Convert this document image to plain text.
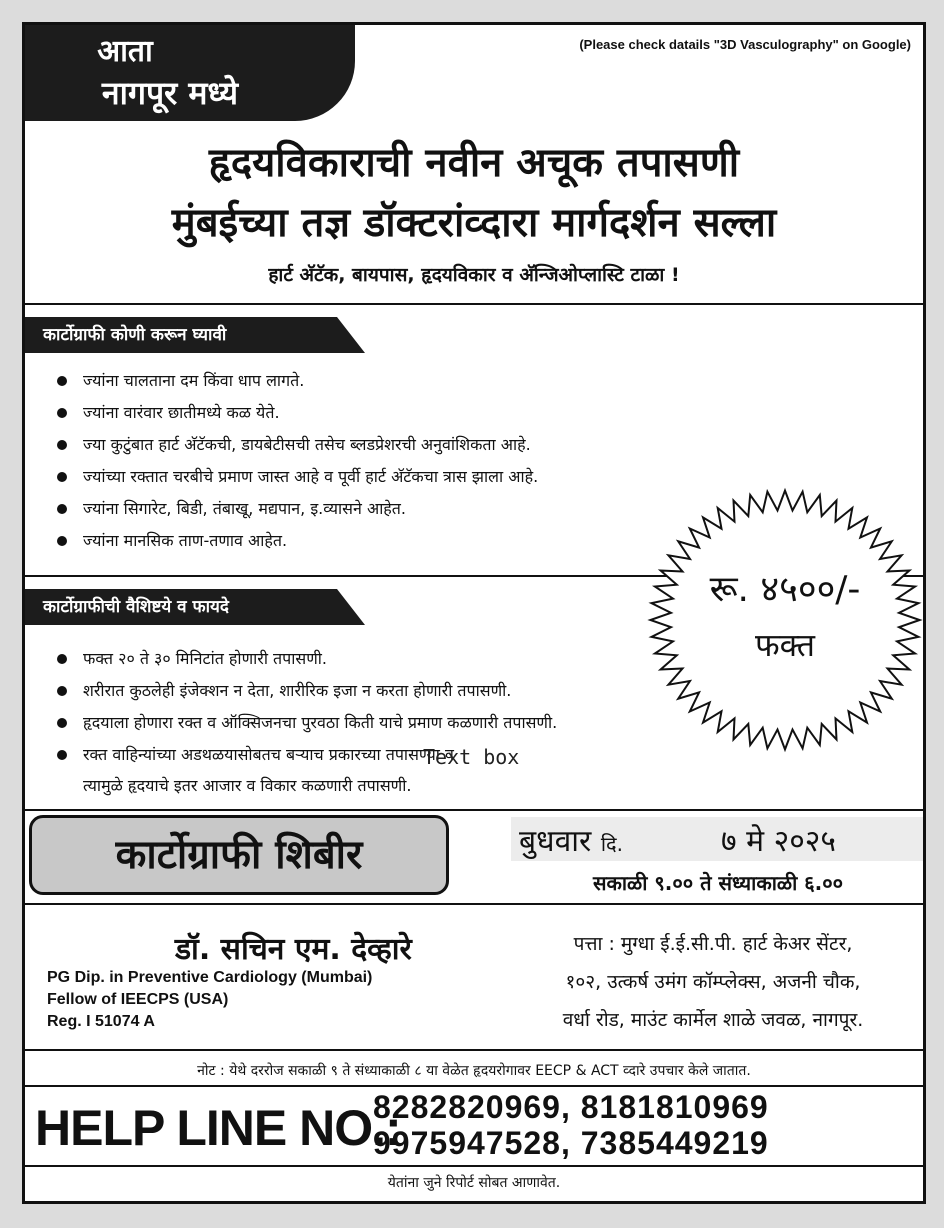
आता
नागपूर मध्ये
(Please check datails "3D Vasculography" on Google)
हृदयविकाराची नवीन अचूक तपासणी
मुंबईच्या तज्ञ डॉक्टरांव्दारा मार्गदर्शन सल्ला
हार्ट अ‍ॅटॅक, बायपास, हृदयविकार व अ‍ॅन्जिओप्लास्टि टाळा !
कार्टोग्राफी कोणी करून घ्यावी
ज्यांना चालताना दम किंवा धाप लागते.
ज्यांना वारंवार छातीमध्ये कळ येते.
ज्या कुटुंबात हार्ट अ‍ॅटॅकची, डायबेटीसची तसेच ब्लडप्रेशरची अनुवांशिकता आहे.
ज्यांच्या रक्तात चरबीचे प्रमाण जास्त आहे व पूर्वी हार्ट अ‍ॅटॅकचा त्रास झाला आहे.
ज्यांना सिगारेट, बिडी, तंबाखू, मद्यपान, इ.व्यासने आहेत.
ज्यांना मानसिक ताण-तणाव आहेत.
कार्टोग्राफीची वैशिष्टये व फायदे
फक्त २० ते ३० मिनिटांत होणारी तपासणी.
शरीरात कुठलेही इंजेक्शन न देता, शारीरिक इजा न करता होणारी तपासणी.
हृदयाला होणारा रक्त व ऑक्सिजनचा पुरवठा किती याचे प्रमाण कळणारी तपासणी.
रक्त वाहिन्यांच्या अडथळयासोबतच बऱ्याच प्रकारच्या तपासण्या व
त्यामुळे हृदयाचे इतर आजार व विकार कळणारी तपासणी.
रू. ४५००/-
फक्त
Text box
कार्टोग्राफी शिबीर	बुधवार दि.	७ मे २०२५
सकाळी ९.०० ते संध्याकाळी ६.००
डॉ. सचिन एम. देव्हारे
PG Dip. in Preventive Cardiology (Mumbai)
Fellow of IEECPS (USA)
Reg. I 51074 A
पत्ता : मुग्धा ई.ई.सी.पी. हार्ट केअर सेंटर,
१०२, उत्कर्ष उमंग कॉम्प्लेक्स, अजनी चौक,
वर्धा रोड, माउंट कार्मेल शाळे जवळ, नागपूर.
नोट : येथे दररोज सकाळी ९ ते संध्याकाळी ८ या वेळेत हृदयरोगावर EECP & ACT व्दारे उपचार केले जातात.
HELP LINE NO.:
8282820969, 8181810969
9975947528, 7385449219
येतांना जुने रिपोर्ट सोबत आणावेत.
